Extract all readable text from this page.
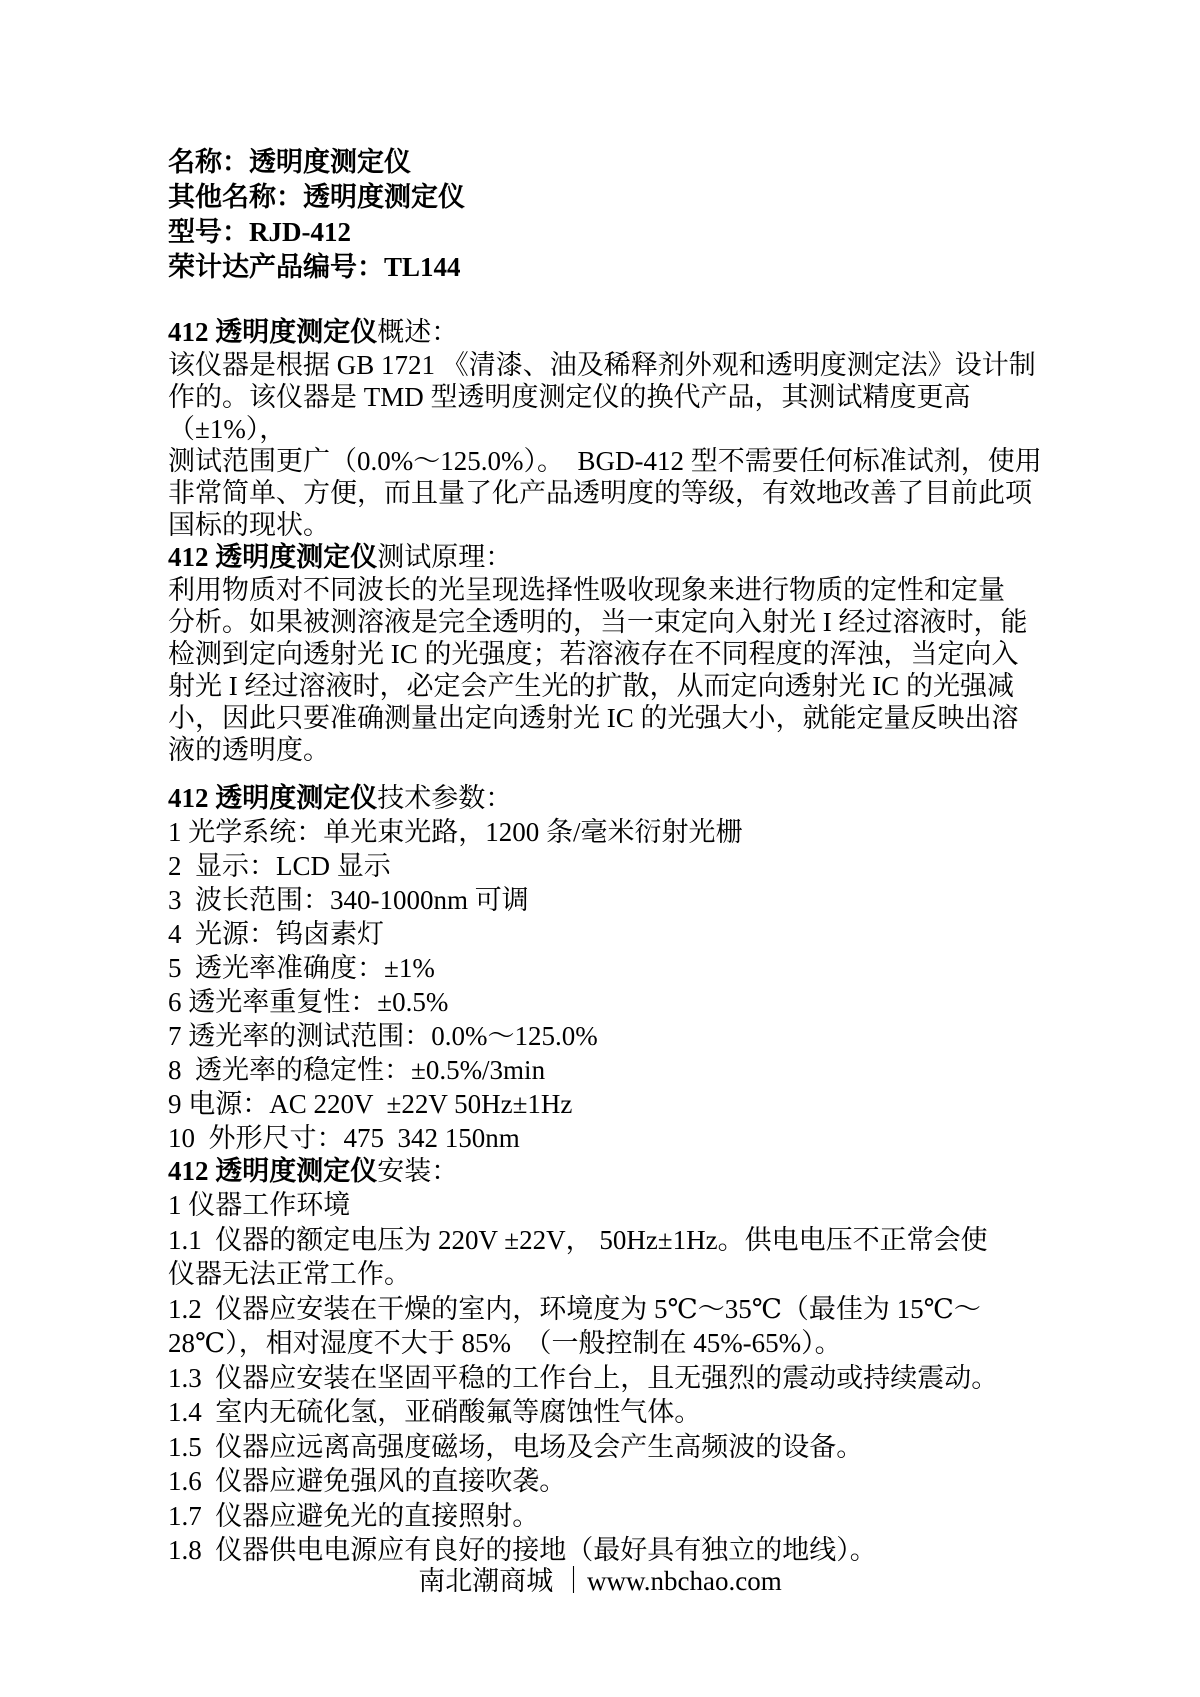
名称：透明度测定仪
其他名称：透明度测定仪
型号：RJD-412
荣计达产品编号：TL144
412 透明度测定仪概述：
该仪器是根据 GB 1721 《清漆、油及稀释剂外观和透明度测定法》设计制
作的。该仪器是 TMD 型透明度测定仪的换代产品，其测试精度更高（±1%），
测试范围更广（0.0%～125.0%）。  BGD-412 型不需要任何标准试剂，使用
非常简单、方便，而且量了化产品透明度的等级，有效地改善了目前此项
国标的现状。
412 透明度测定仪测试原理：
利用物质对不同波长的光呈现选择性吸收现象来进行物质的定性和定量
分析。如果被测溶液是完全透明的，当一束定向入射光 I 经过溶液时，能
检测到定向透射光 IC 的光强度；若溶液存在不同程度的浑浊，当定向入
射光 I 经过溶液时，必定会产生光的扩散，从而定向透射光 IC 的光强减
小，因此只要准确测量出定向透射光 IC 的光强大小，就能定量反映出溶
液的透明度。
412 透明度测定仪技术参数：
1 光学系统：单光束光路，1200 条/毫米衍射光栅
2  显示：LCD 显示
3  波长范围：340-1000nm 可调
4  光源：钨卤素灯
5  透光率准确度：±1%
6 透光率重复性：±0.5%
7 透光率的测试范围：0.0%～125.0%
8  透光率的稳定性：±0.5%/3min
9 电源：AC 220V  ±22V 50Hz±1Hz
10  外形尺寸：475  342 150nm
412 透明度测定仪安装：
1 仪器工作环境
1.1  仪器的额定电压为 220V ±22V， 50Hz±1Hz。供电电压不正常会使
仪器无法正常工作。
1.2  仪器应安装在干燥的室内，环境度为 5℃～35℃（最佳为 15℃～
28℃），相对湿度不大于 85%  （一般控制在 45%-65%）。
1.3  仪器应安装在坚固平稳的工作台上，且无强烈的震动或持续震动。
1.4  室内无硫化氢，亚硝酸氟等腐蚀性气体。
1.5  仪器应远离高强度磁场，电场及会产生高频波的设备。
1.6  仪器应避免强风的直接吹袭。
1.7  仪器应避免光的直接照射。
1.8  仪器供电电源应有良好的接地（最好具有独立的地线）。
南北潮商城 ｜www.nbchao.com
